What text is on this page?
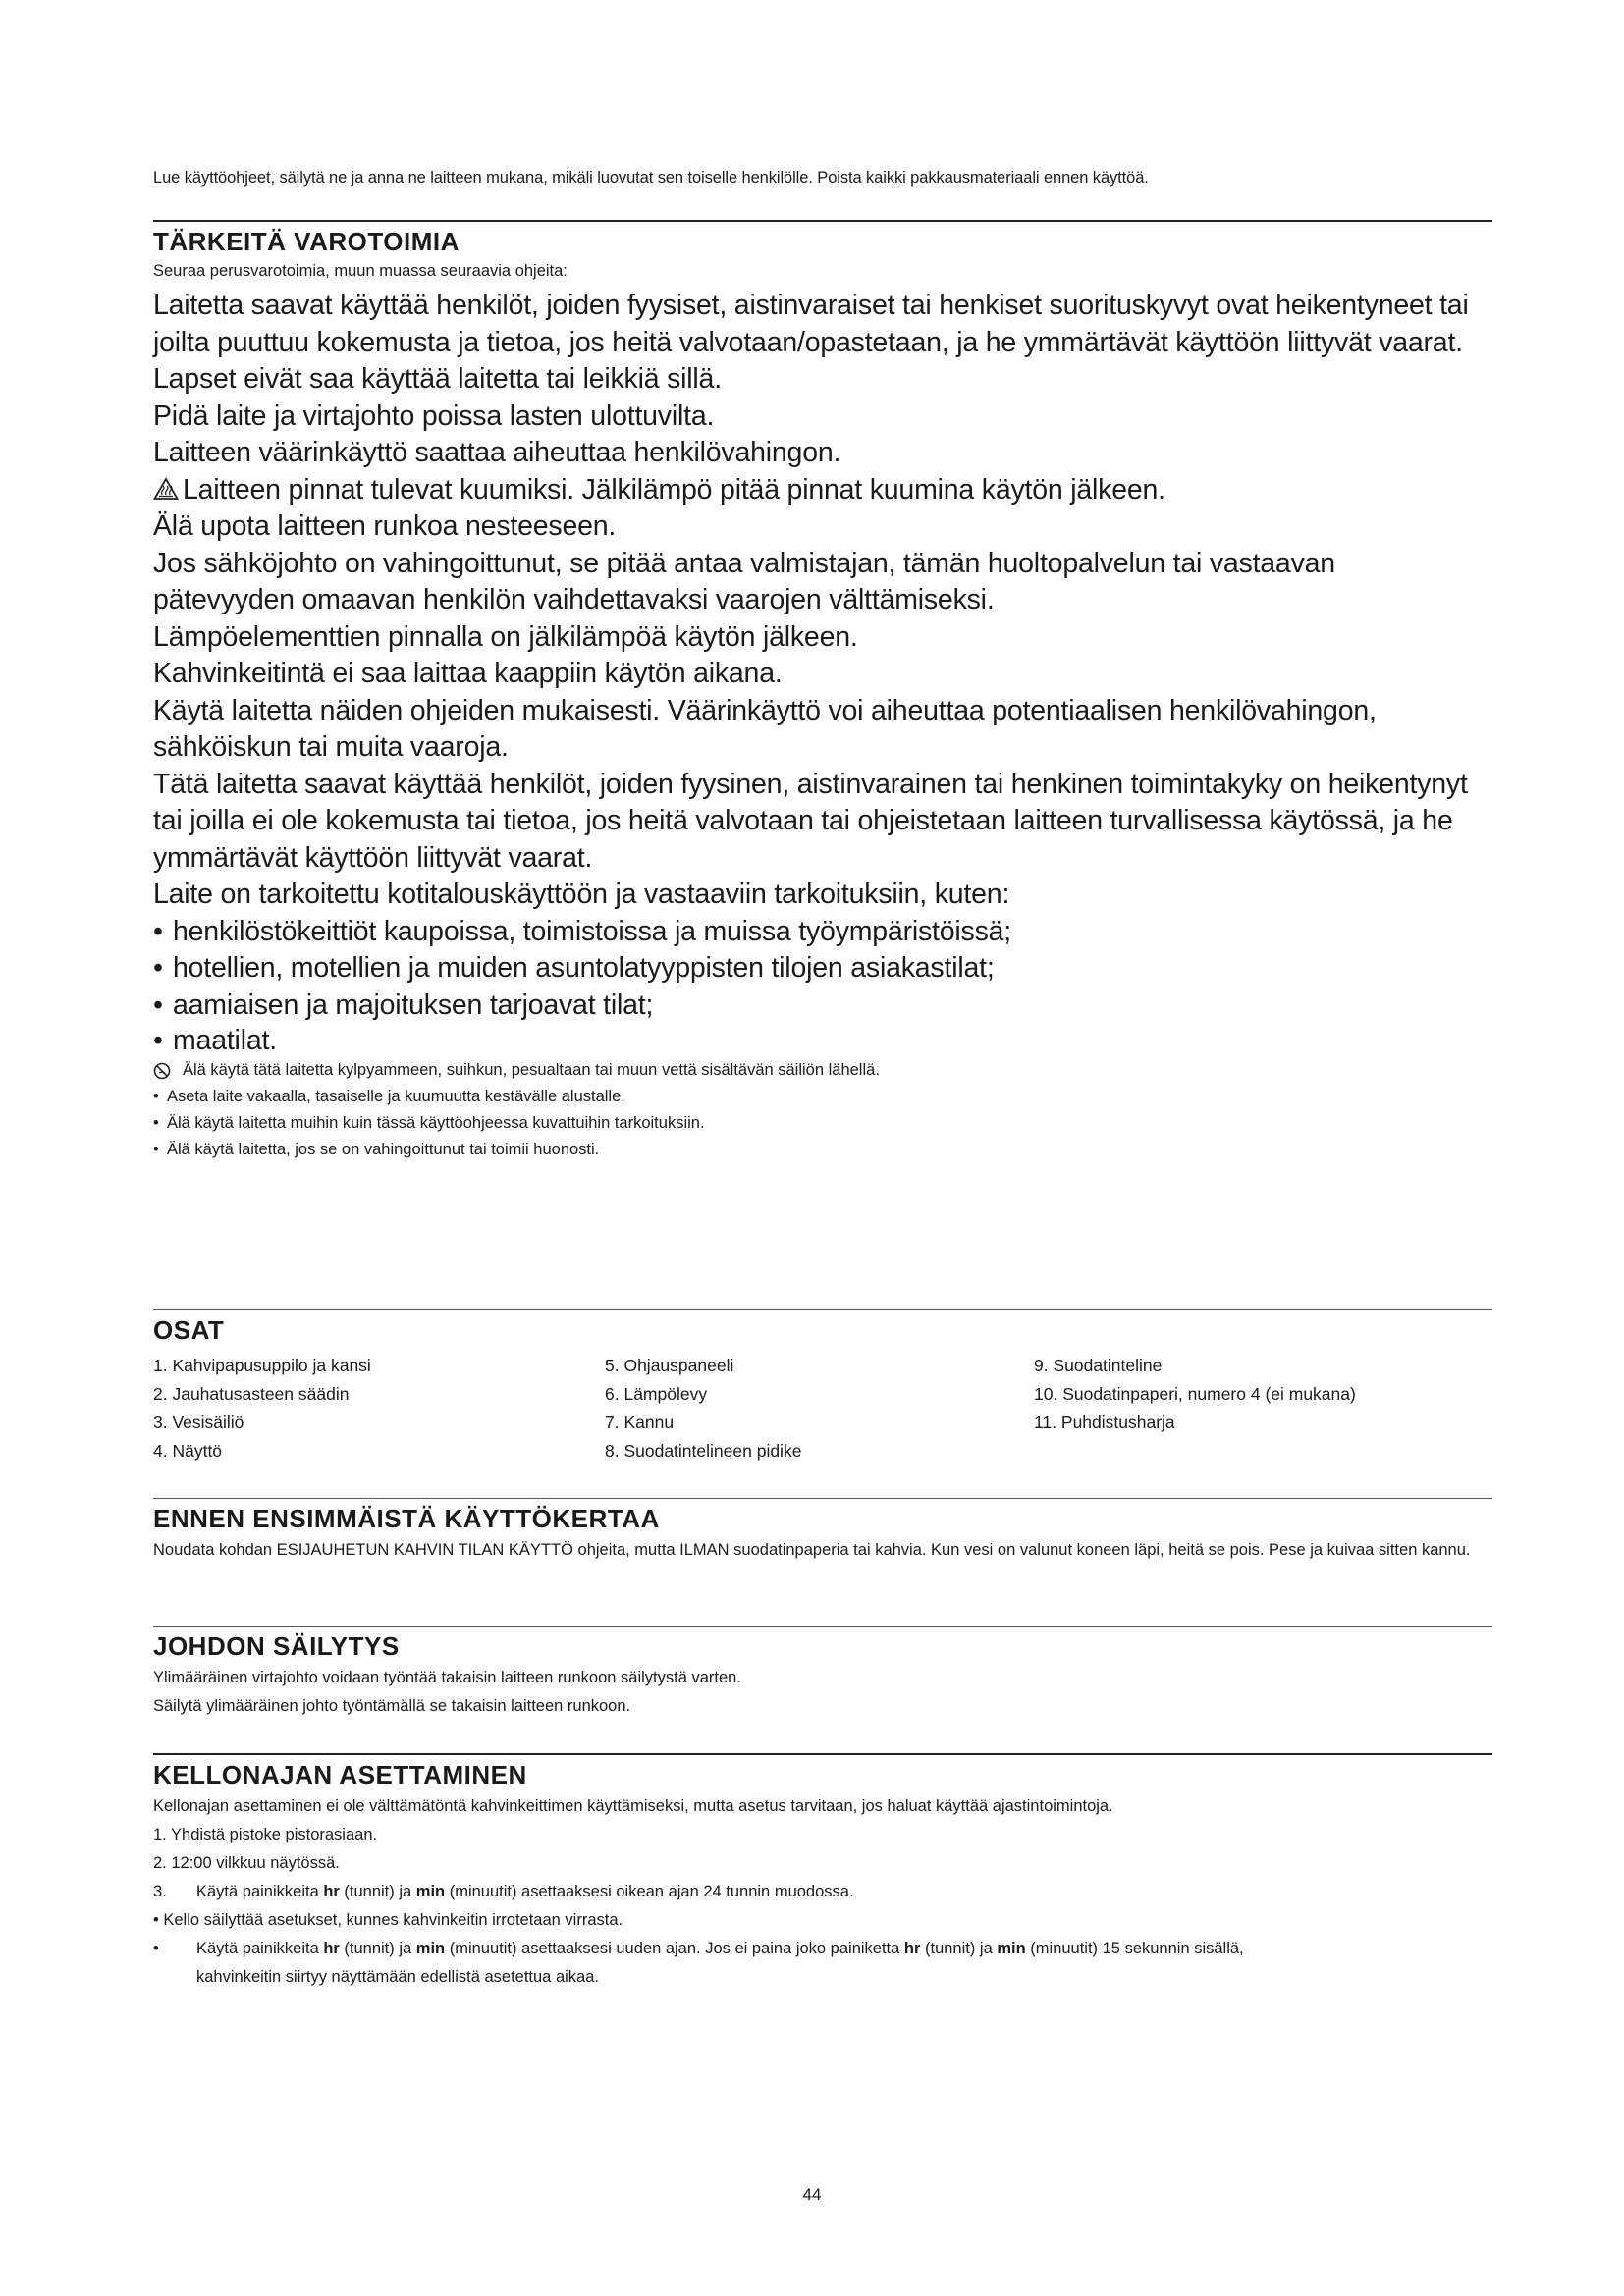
Lue käyttöohjeet, säilytä ne ja anna ne laitteen mukana, mikäli luovutat sen toiselle henkilölle. Poista kaikki pakkausmateriaali ennen käyttöä.
TÄRKEITÄ VAROTOIMIA
Seuraa perusvarotoimia, muun muassa seuraavia ohjeita:

Laitetta saavat käyttää henkilöt, joiden fyysiset, aistinvaraiset tai henkiset suorituskyvyt ovat heikentyneet tai joilta puuttuu kokemusta ja tietoa, jos heitä valvotaan/opastetaan, ja he ymmärtävät käyttöön liittyvät vaarat.

Lapset eivät saa käyttää laitetta tai leikkiä sillä.

Pidä laite ja virtajohto poissa lasten ulottuvilta.

Laitteen väärinkäyttö saattaa aiheuttaa henkilövahingon.

Laitteen pinnat tulevat kuumiksi. Jälkilämpö pitää pinnat kuumina käytön jälkeen.

Älä upota laitteen runkoa nesteeseen.

Jos sähköjohto on vahingoittunut, se pitää antaa valmistajan, tämän huoltopalvelun tai vastaavan pätevyyden omaavan henkilön vaihdettavaksi vaarojen välttämiseksi.

Lämpöelementtien pinnalla on jälkilämpöä käytön jälkeen.

Kahvinkeitintä ei saa laittaa kaappiin käytön aikana.

Käytä laitetta näiden ohjeiden mukaisesti. Väärinkäyttö voi aiheuttaa potentiaalisen henkilövahingon, sähköiskun tai muita vaaroja.

Tätä laitetta saavat käyttää henkilöt, joiden fyysinen, aistinvarainen tai henkinen toimintakyky on heikentynyt tai joilla ei ole kokemusta tai tietoa, jos heitä valvotaan tai ohjeistetaan laitteen turvallisessa käytössä, ja he ymmärtävät käyttöön liittyvät vaarat.

Laite on tarkoitettu kotitalouskäyttöön ja vastaaviin tarkoituksiin, kuten:

• henkilöstökeittiöt kaupoissa, toimistoissa ja muissa työympäristöissä;
• hotellien, motellien ja muiden asuntolatyyppisten tilojen asiakastilat;
• aamiaisen ja majoituksen tarjoavat tilat;
• maatilat.
Älä käytä tätä laitetta kylpyammeen, suihkun, pesualtaan tai muun vettä sisältävän säiliön lähellä.
• Aseta laite vakaalla, tasaiselle ja kuumuutta kestävälle alustalle.
• Älä käytä laitetta muihin kuin tässä käyttöohjeessa kuvattuihin tarkoituksiin.
• Älä käytä laitetta, jos se on vahingoittunut tai toimii huonosti.
OSAT
1. Kahvipapusuppilo ja kansi
2. Jauhatusasteen säädin
3. Vesisäiliö
4. Näyttö
5. Ohjauspaneeli
6. Lämpölevy
7. Kannu
8. Suodatintelineen pidike
9. Suodatinteline
10. Suodatinpaperi, numero 4 (ei mukana)
11. Puhdistusharja
ENNEN ENSIMMÄISTÄ KÄYTTÖKERTAA
Noudata kohdan ESIJAUHETUN KAHVIN TILAN KÄYTTÖ ohjeita, mutta ILMAN suodatinpaperia tai kahvia. Kun vesi on valunut koneen läpi, heitä se pois. Pese ja kuivaa sitten kannu.
JOHDON SÄILYTYS
Ylimääräinen virtajohto voidaan työntää takaisin laitteen runkoon säilytystä varten.
Säilytä ylimääräinen johto työntämällä se takaisin laitteen runkoon.
KELLONAJAN ASETTAMINEN
Kellonajan asettaminen ei ole välttämätöntä kahvinkeittimen käyttämiseksi, mutta asetus tarvitaan, jos haluat käyttää ajastintoimintoja.
1. Yhdistä pistoke pistorasiaan.
2. 12:00 vilkkuu näytössä.
3.	Käytä painikkeita hr (tunnit) ja min (minuutit) asettaaksesi oikean ajan 24 tunnin muodossa.
• Kello säilyttää asetukset, kunnes kahvinkeitin irrotetaan virrasta.
•	Käytä painikkeita hr (tunnit) ja min (minuutit) asettaaksesi uuden ajan. Jos ei paina joko painiketta hr (tunnit) ja min (minuutit) 15 sekunnin sisällä,
kahvinkeitin siirtyy näyttämään edellistä asetettua aikaa.
44
